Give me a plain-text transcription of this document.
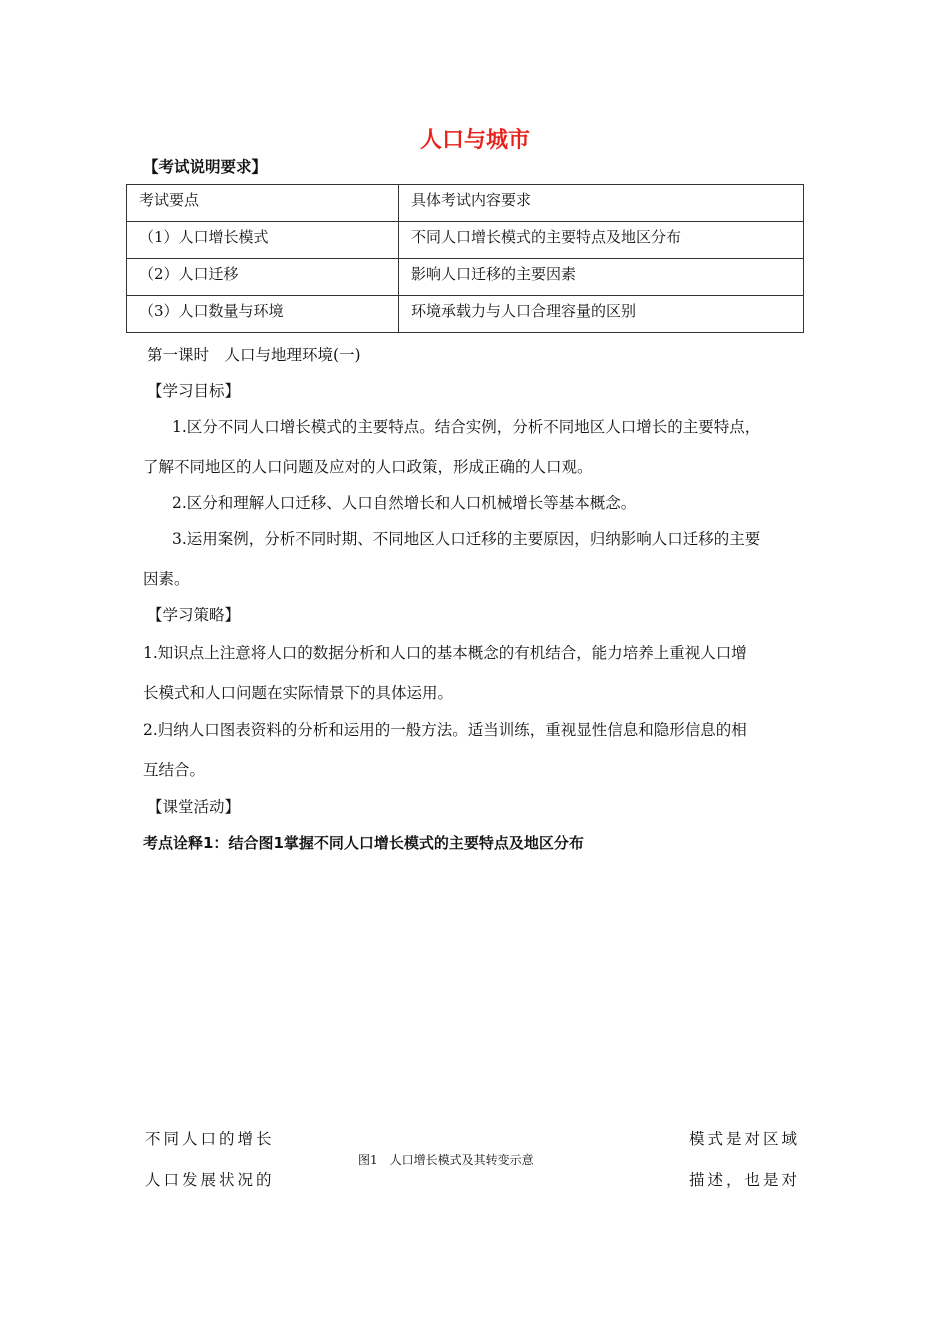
人口与城市
【考试说明要求】
考试要点	具体考试内容要求
（1）人口增长模式	不同人口增长模式的主要特点及地区分布
（2）人口迁移	影响人口迁移的主要因素
（3）人口数量与环境	环境承载力与人口合理容量的区别
第一课时　人口与地理环境(一)
【学习目标】
1.区分不同人口增长模式的主要特点。结合实例，分析不同地区人口增长的主要特点，
了解不同地区的人口问题及应对的人口政策，形成正确的人口观。
2.区分和理解人口迁移、人口自然增长和人口机械增长等基本概念。
3.运用案例，分析不同时期、不同地区人口迁移的主要原因，归纳影响人口迁移的主要
因素。
【学习策略】
1.知识点上注意将人口的数据分析和人口的基本概念的有机结合，能力培养上重视人口增
长模式和人口问题在实际情景下的具体运用。
2.归纳人口图表资料的分析和运用的一般方法。适当训练，重视显性信息和隐形信息的相
互结合。
【课堂活动】
考点诠释1：结合图1掌握不同人口增长模式的主要特点及地区分布
不同人口的增长
人口发展状况的
图1　人口增长模式及其转变示意
模式是对区域
描述，也是对
